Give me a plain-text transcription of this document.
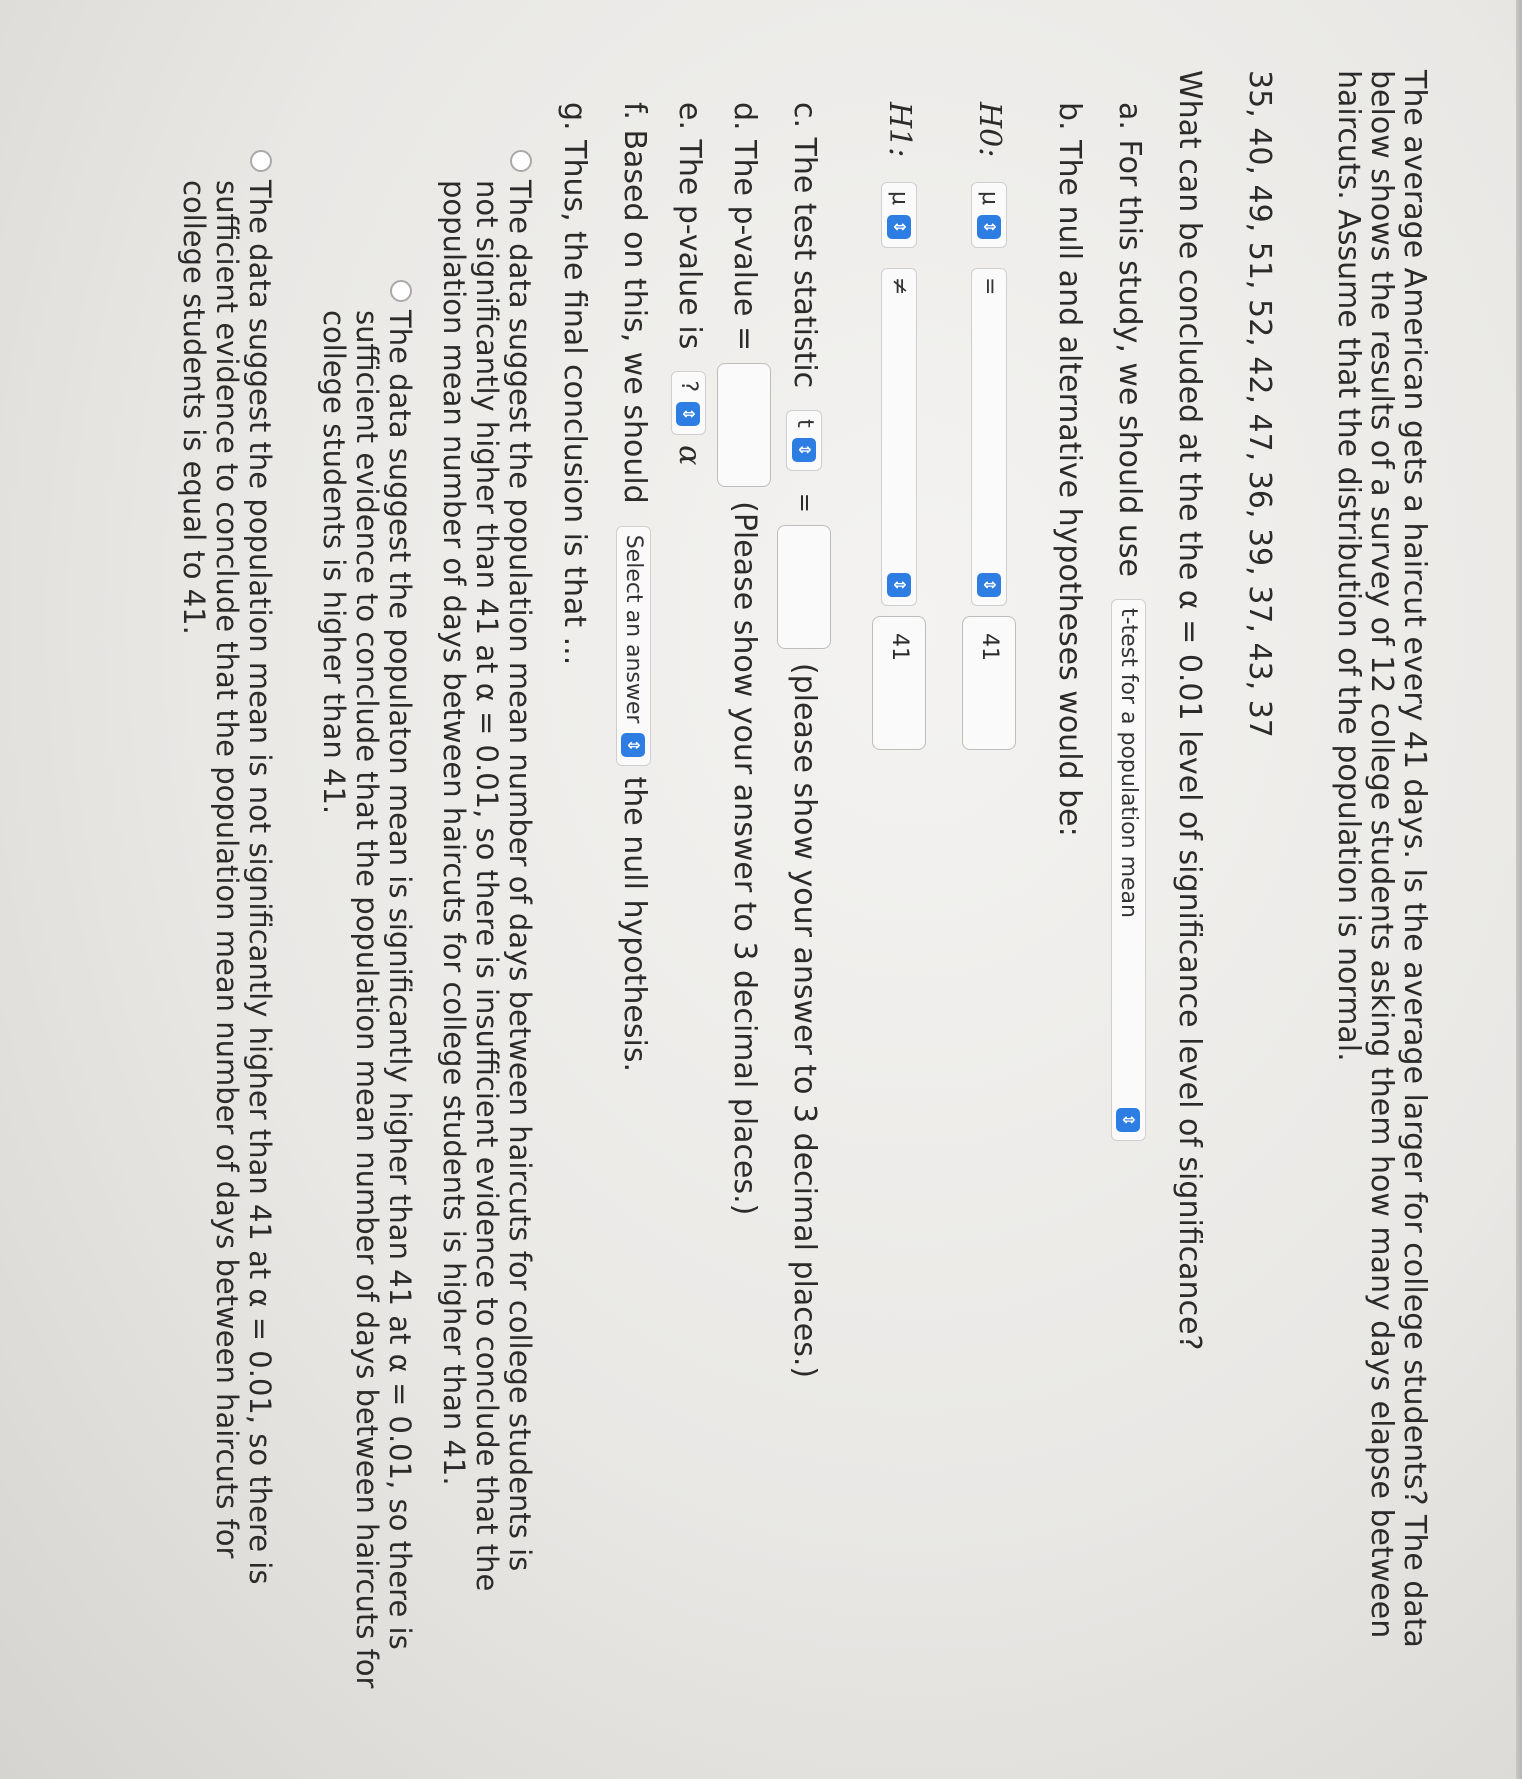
The average American gets a haircut every 41 days. Is the average larger for college students? The data below shows the results of a survey of 12 college students asking them how many days elapse between haircuts. Assume that the distribution of the population is normal.
35, 40, 49, 51, 52, 42, 47, 36, 39, 37, 43, 37
What can be concluded at the the α = 0.01 level of significance level of significance?
a. For this study, we should use
t-test for a population mean
⇕
b. The null and alternative hypotheses would be:
H0:
μ
⇕
=
⇕
41
H1:
μ
⇕
≠
⇕
41
c. The test statistic
t
⇕
=
(please show your answer to 3 decimal places.)
d. The p-value =
(Please show your answer to 3 decimal places.)
e. The p-value is
?
⇕
α
f. Based on this, we should
Select an answer
⇕
the null hypothesis.
g. Thus, the final conclusion is that ...
The data suggest the population mean number of days between haircuts for college students is not significantly higher than 41 at α = 0.01, so there is insufficient evidence to conclude that the population mean number of days between haircuts for college students is higher than 41.
The data suggest the populaton mean is significantly higher than 41 at α = 0.01, so there is sufficient evidence to conclude that the population mean number of days between haircuts for college students is higher than 41.
The data suggest the population mean is not significantly higher than 41 at α = 0.01, so there is sufficient evidence to conclude that the population mean number of days between haircuts for college students is equal to 41.
